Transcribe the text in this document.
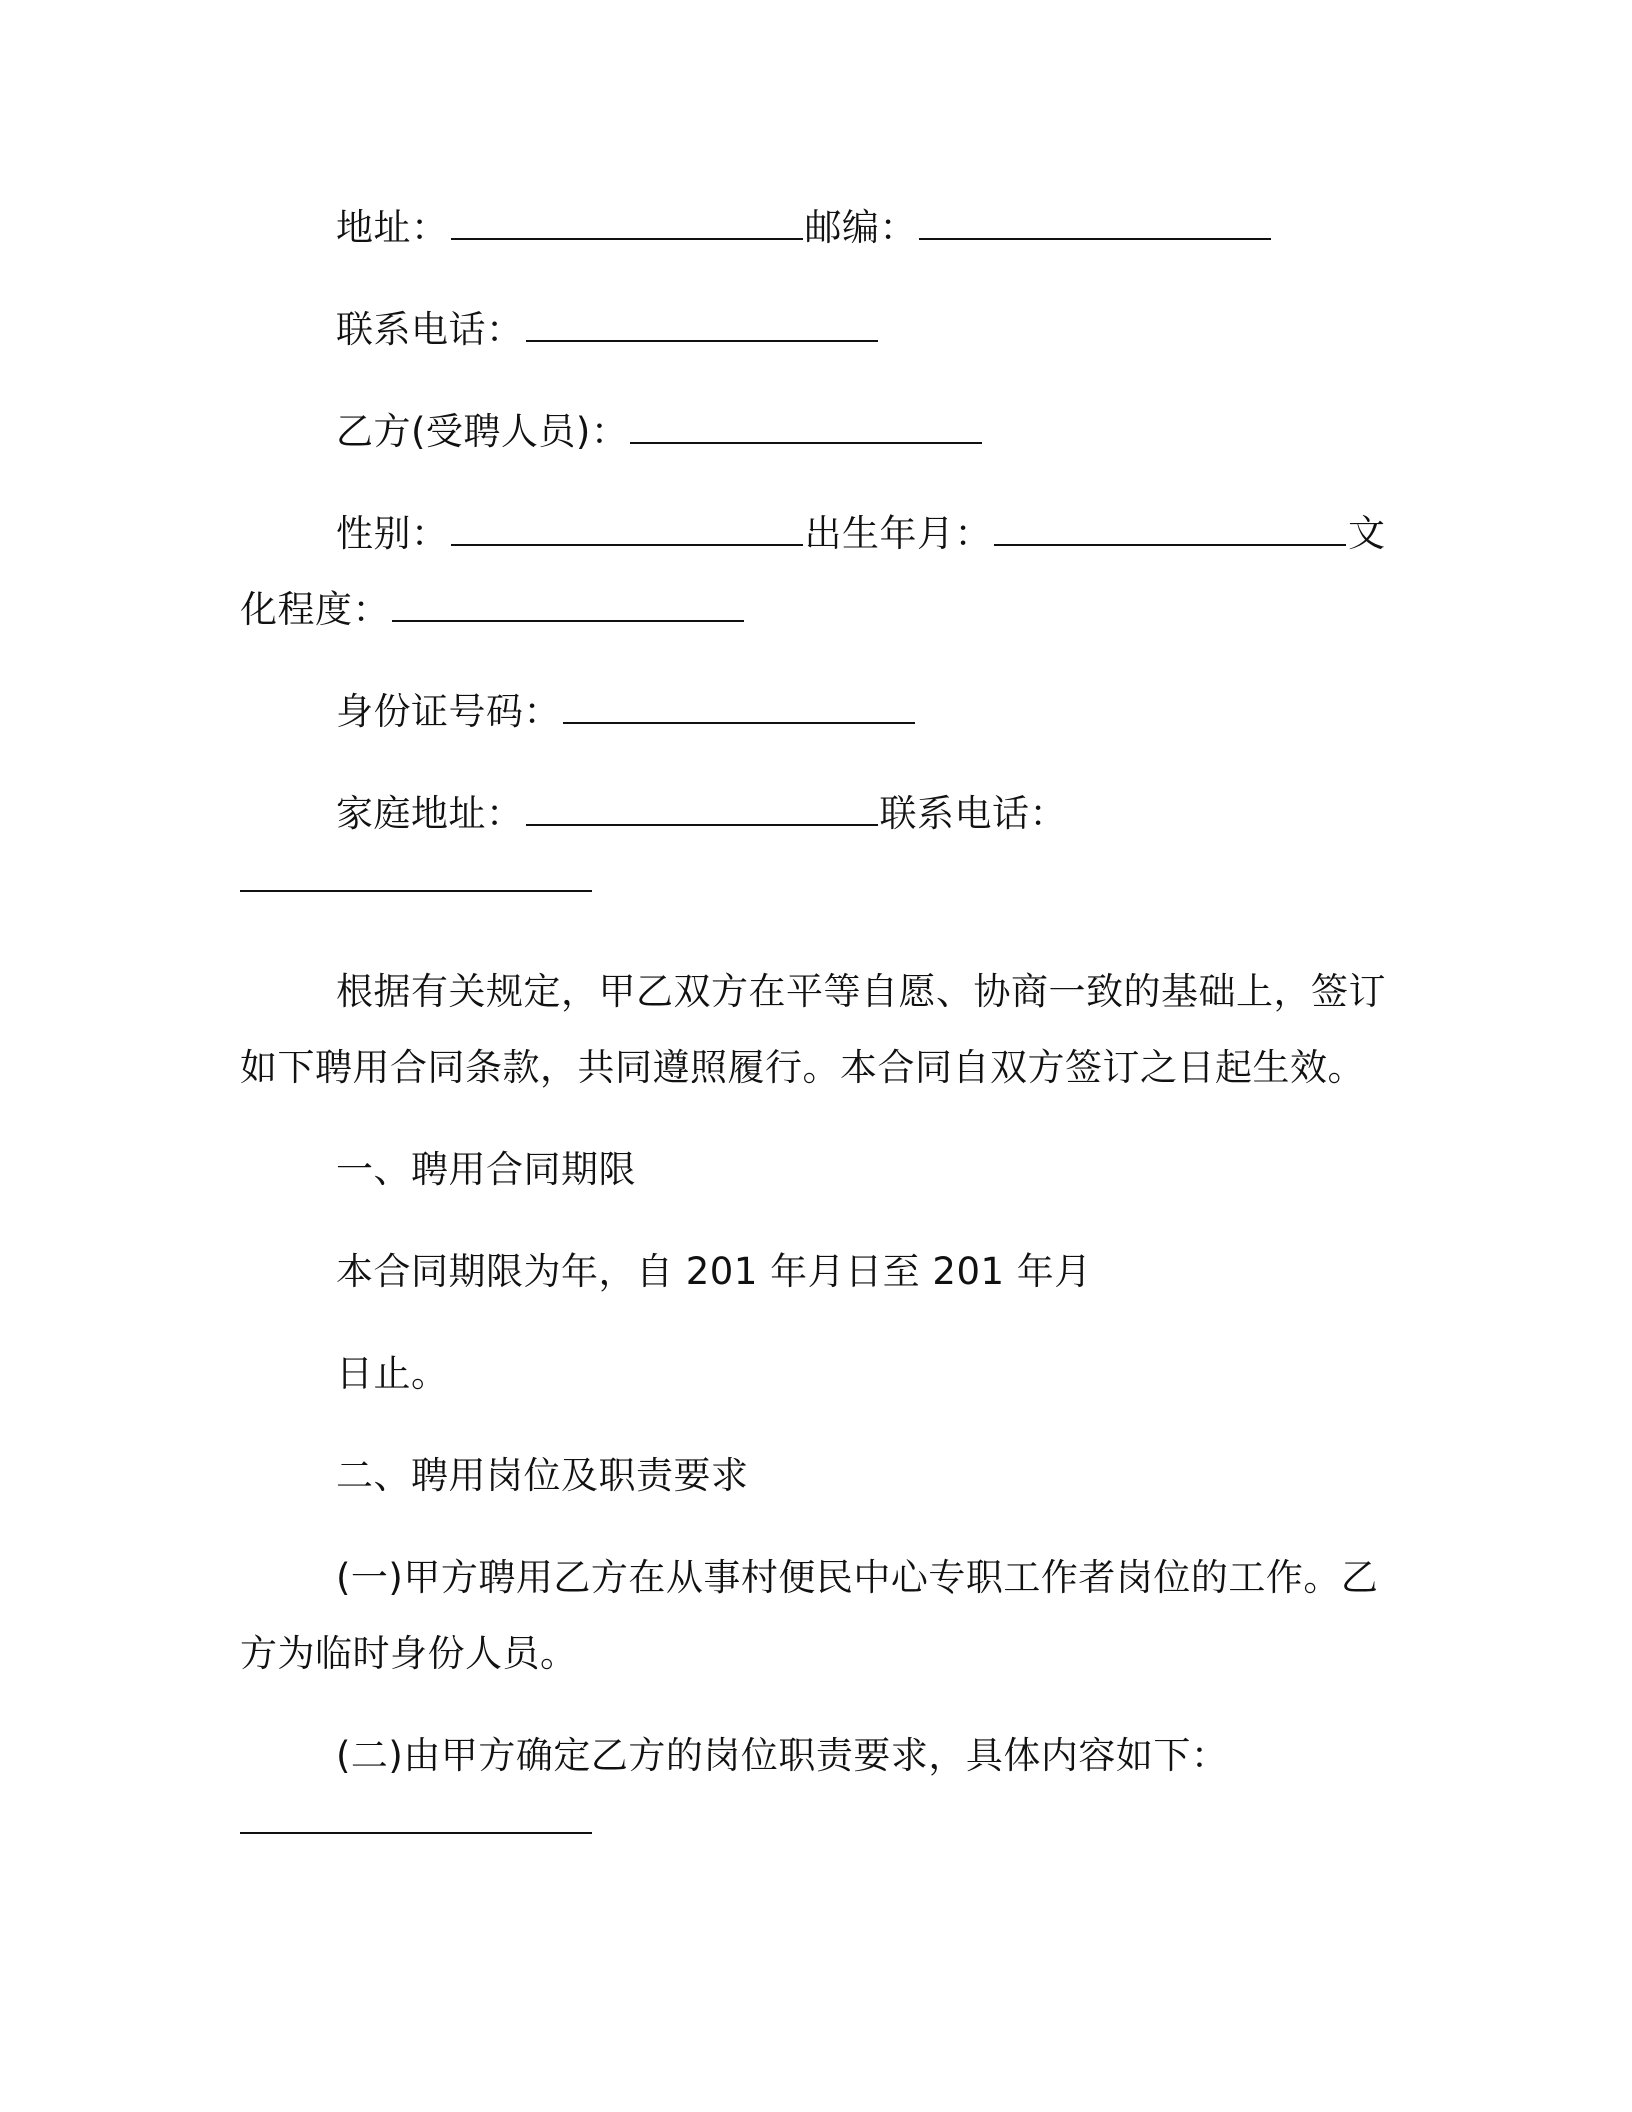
地址：	邮编：
联系电话：
乙方(受聘人员)：
性别：	出生年月：	文化程度：
身份证号码：
家庭地址：	联系电话：
根据有关规定，甲乙双方在平等自愿、协商一致的基础上，签订如下聘用合同条款，共同遵照履行。本合同自双方签订之日起生效。
一、聘用合同期限
本合同期限为年，自 201 年月日至 201 年月
日止。
二、聘用岗位及职责要求
(一)甲方聘用乙方在从事村便民中心专职工作者岗位的工作。乙方为临时身份人员。
(二)由甲方确定乙方的岗位职责要求，具体内容如下：
